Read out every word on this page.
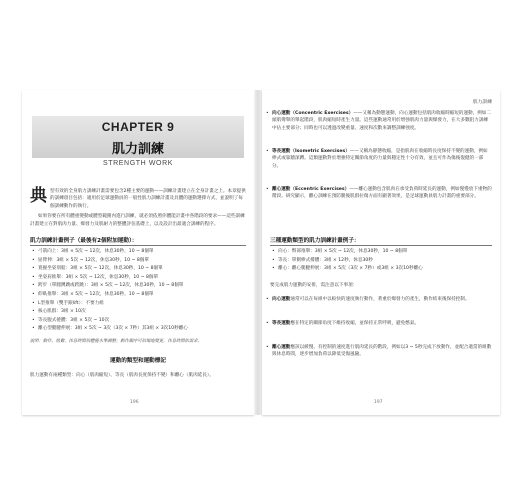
CHAPTER 9
肌力訓練
STRENGTH WORK
典 型有效的全身肌力訓練計畫需要包含2種主要的運動——訓練計畫建立在全身計畫之上。本章提供的訓練項目包括：適用於足球運動員的一般性肌力訓練計畫及具體的運動選擇方式，並說明了每個訓練動作的執行。
如果你要在所有體重變動或體型範圍內進行訓練，就必須依照你體能計畫中各階段的要求——這些訓練計畫建立在對肌肉力量、爆發力及肌耐力的整體評估基礎上，以及設計出最適合訓練的程序。
肌力訓練計畫例子（最後有2個附加運動）：
• 弓箭向上：3組 × 5次 ~ 12次，休息30秒，10 ~ 8個單
• 屈臂伸：3組 × 5次 ~ 12次，休息30秒，10 ~ 8個單
• 寬握坐姿划船：3組 × 5次 ~ 12次，休息30秒，10 ~ 8個單
• 坐姿肩推舉：3組 × 5次 ~ 12次，休息30秒，10 ~ 8個單
• 跨步（單腿蹲跳或跨跳）：3組 × 5次 ~ 12次，休息30秒，10 ~ 8個單
• 仰臥推舉：3組 × 5次 ~ 12次，休息30秒，10 ~ 8個單
• L型推舉（雙手跟lift）：不要力組
• 核心肌群：3組 × 10次
• 等長腹式捲體：3組 × 5次 ~ 10次
• 離心型腿腱伸展：3組 × 5次 ~ 3次（3次 × 7秒）其3組 × 3次10秒離心
說明：動作、組數、休息時間依體能水準調整；動作順序可依場地變更，休息時間依需求。
運動的類型和運動標記
肌力運動有兩種類型：向心（肌肉縮短）、等長（肌肉長度保持不變）和離心（肌肉延長）。
196
肌力訓練
• 向心運動（Concentric Exercises）——又稱為動態運動，向心運動包括肌肉收縮時縮短的運動，例如二頭肌彎舉的舉起階段，肌肉縮短時產生力量。這些運動通常用於增強肌肉力量與爆發力，在大多數阻力訓練中佔主要部分；同時也可以透過改變重量、速度和次數來調整訓練強度。
• 等長運動（Isometric Exercises）——又稱為靜態收縮，是指肌肉在收縮時長度保持不變的運動，例如棒式或靠牆深蹲。這類運動對於增強特定關節角度的力量與穩定性十分有效，並且可作為傷後復健的一部分。
• 離心運動（Eccentric Exercises）——離心運動包含肌肉在承受負荷時延長的運動，例如慢慢放下重物的階段。研究顯示，離心訓練在預防腿後肌群拉傷方面有顯著效果，是足球運動員肌力計畫的重要部分。
三種運動類型的肌力訓練計畫例子：
• 向心：臀部推舉：3組 × 5次 ~ 12次，休息30秒，10 ~ 8個單
• 等長：單側棒式撐體：3組 × 12秒，休息30秒
• 離心：離心腿腱伸展：3組 × 5次（3次 × 7秒）或3組 × 3次10秒離心
要完成肌力運動的安排，需注意以下事項：
• 向心運動通常可以在每組中以較快的速度執行動作，著重於爆發力的產生，動作結束後保持控制。
• 等長運動應在特定的關節角度下維持收縮，並保持正常呼吸，避免憋氣。
• 離心運動應該以緩慢、有控制的速度進行肌肉延長的階段，例如以3 ~ 5秒完成下放動作，並配合適當的組數與休息時間，逐步增加負荷以降低受傷風險。
197
